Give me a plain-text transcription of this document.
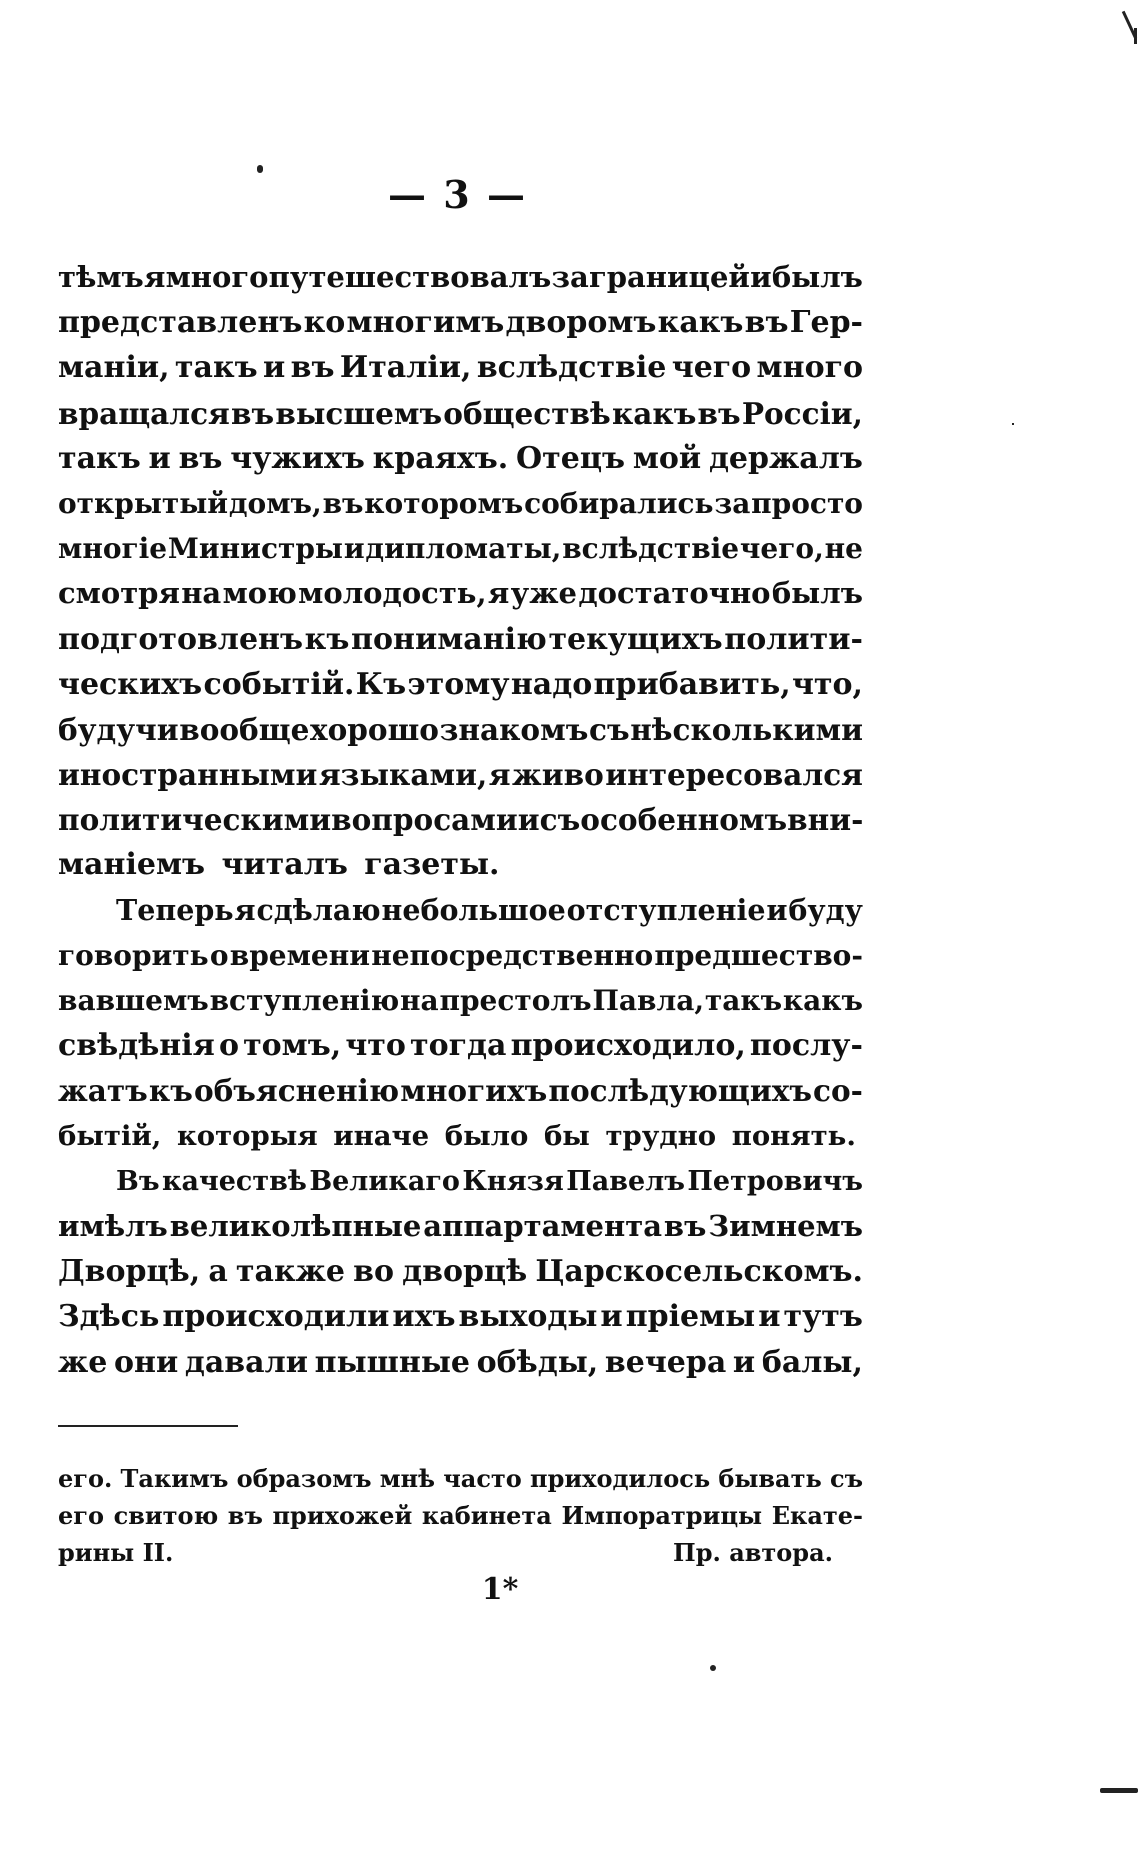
— 3 —
тѣмъ я много путешествовалъ за границей и былъ
представленъ ко многимъ дворомъ какъ въ Гер-
маніи, такъ и въ Италіи, вслѣдствіе чего много
вращался въ высшемъ обществѣ какъ въ Россіи,
такъ и въ чужихъ краяхъ. Отецъ мой держалъ
открытый домъ, въ которомъ собирались за просто
многіе Министры и дипломаты, вслѣдствіе чего, не
смотря на мою молодость, я уже достаточно былъ
подготовленъ къ пониманію текущихъ полити-
ческихъ событій. Къ этому надо прибавить, что,
будучи вообще хорошо знакомъ съ нѣсколькими
иностранными языками, я живо интересовался
политическими вопросами и съ особенномъ вни-
маніемъ читалъ газеты.
Теперь я сдѣлаю небольшое отступленіе и буду
говорить о времени непосредственно предшество-
вавшемъ вступленію на престолъ Павла, такъ какъ
свѣдѣнія о томъ, что тогда происходило, послу-
жатъ къ объясненію многихъ послѣдующихъ со-
бытій, которыя иначе было бы трудно понять.
Въ качествѣ Великаго Князя Павелъ Петровичъ
имѣлъ великолѣпные аппартамента въ Зимнемъ
Дворцѣ, а также во дворцѣ Царскосельскомъ.
Здѣсь происходили ихъ выходы и пріемы и тутъ
же они давали пышные обѣды, вечера и балы,
его. Такимъ образомъ мнѣ часто приходилось бывать съ
его свитою въ прихожей кабинета Импоратрицы Екате-
рины II.	Пр. автора.
1*
